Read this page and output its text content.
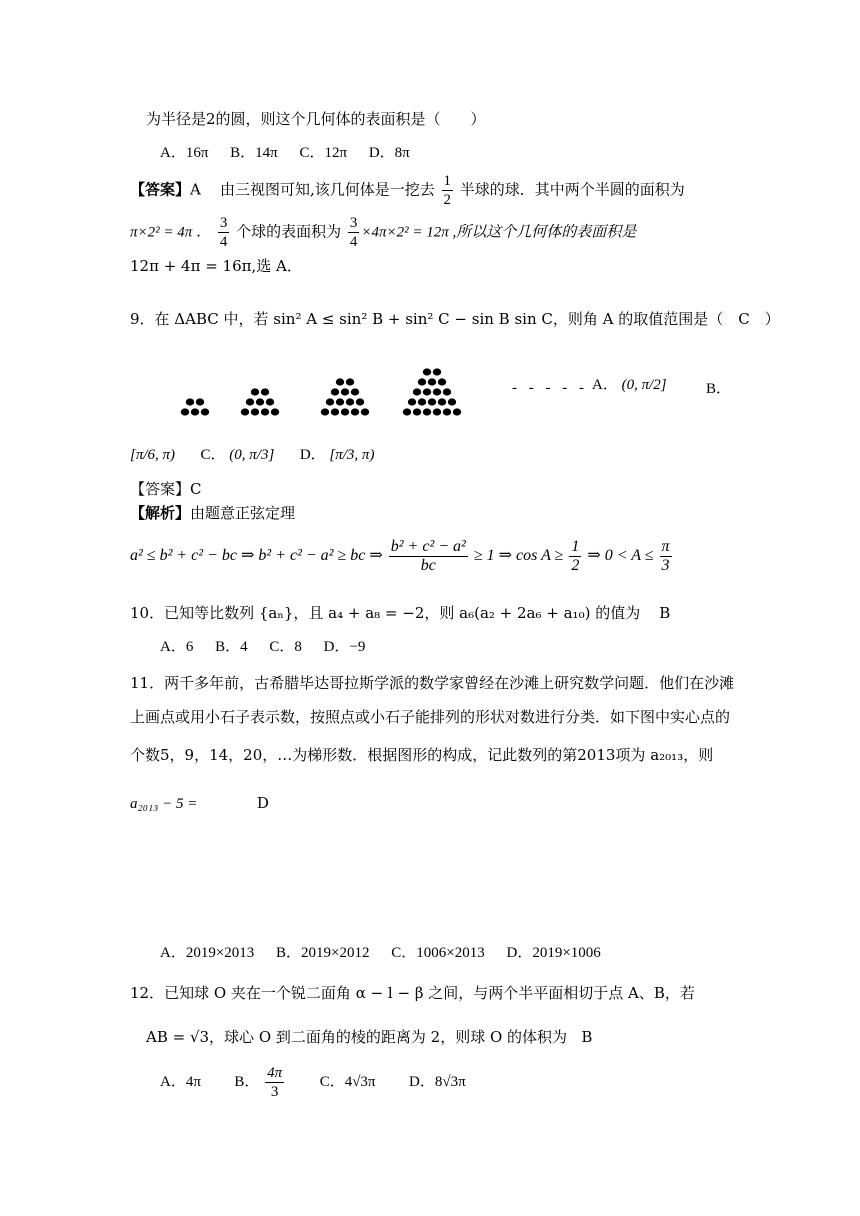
为半径是2的圆，则这个几何体的表面积是（　　）
A．16π B．14π C．12π D．8π
【答案】A 由三视图可知,该几何体是一挖去 $\frac{1}{2}$ 半球的球．其中两个半圆的面积为
π×2² = 4π ． $\frac{3}{4}$ 个球的表面积为 $\frac{3}{4} \times 4\pi\times 2^2 = 12\pi$ ,所以这个几何体的表面积是
12π + 4π = 16π,选 A．
9．在 ΔABC 中，若 sin² A ≤ sin² B + sin² C − sin B sin C，则角 A 的取值范围是（　C　）
- - - - - A． (0, π/2]	B．
[π/6, π) C． (0, π/3] D． [π/3, π)
【答案】C
【解析】由题意正弦定理
a² ≤ b² + c² − bc ⇒ b² + c² − a² ≥ bc ⇒ $\frac{\text{b² + c² − a²}}{bc} \ge 1$ ⇒ $\cos A \ge \frac{1}{2}$ ⇒ $0 < A \le \frac{\pi}{3}$
10．已知等比数列 {aₙ}，且 a₄ + a₈ = −2，则 a₆(a₂ + 2a₆ + a₁₀) 的值为 B
A．6 B．4 C．8 D．−9
11．两千多年前，古希腊毕达哥拉斯学派的数学家曾经在沙滩上研究数学问题．他们在沙滩
上画点或用小石子表示数，按照点或小石子能排列的形状对数进行分类．如下图中实心点的
个数5，9，14，20，…为梯形数．根据图形的构成，记此数列的第2013项为 a₂₀₁₃，则
a₂₀₁₃ − 5 =	D
A．2019×2013 B．2019×2012 C．1006×2013 D．2019×1006
12．已知球 O 夹在一个锐二面角 α − l − β 之间，与两个半平面相切于点 A、B，若
AB = √3，球心 O 到二面角的棱的距离为 2，则球 O 的体积为 B
A．4π B． $\frac{4\pi}{3}$ C．4√3π D．8√3π
